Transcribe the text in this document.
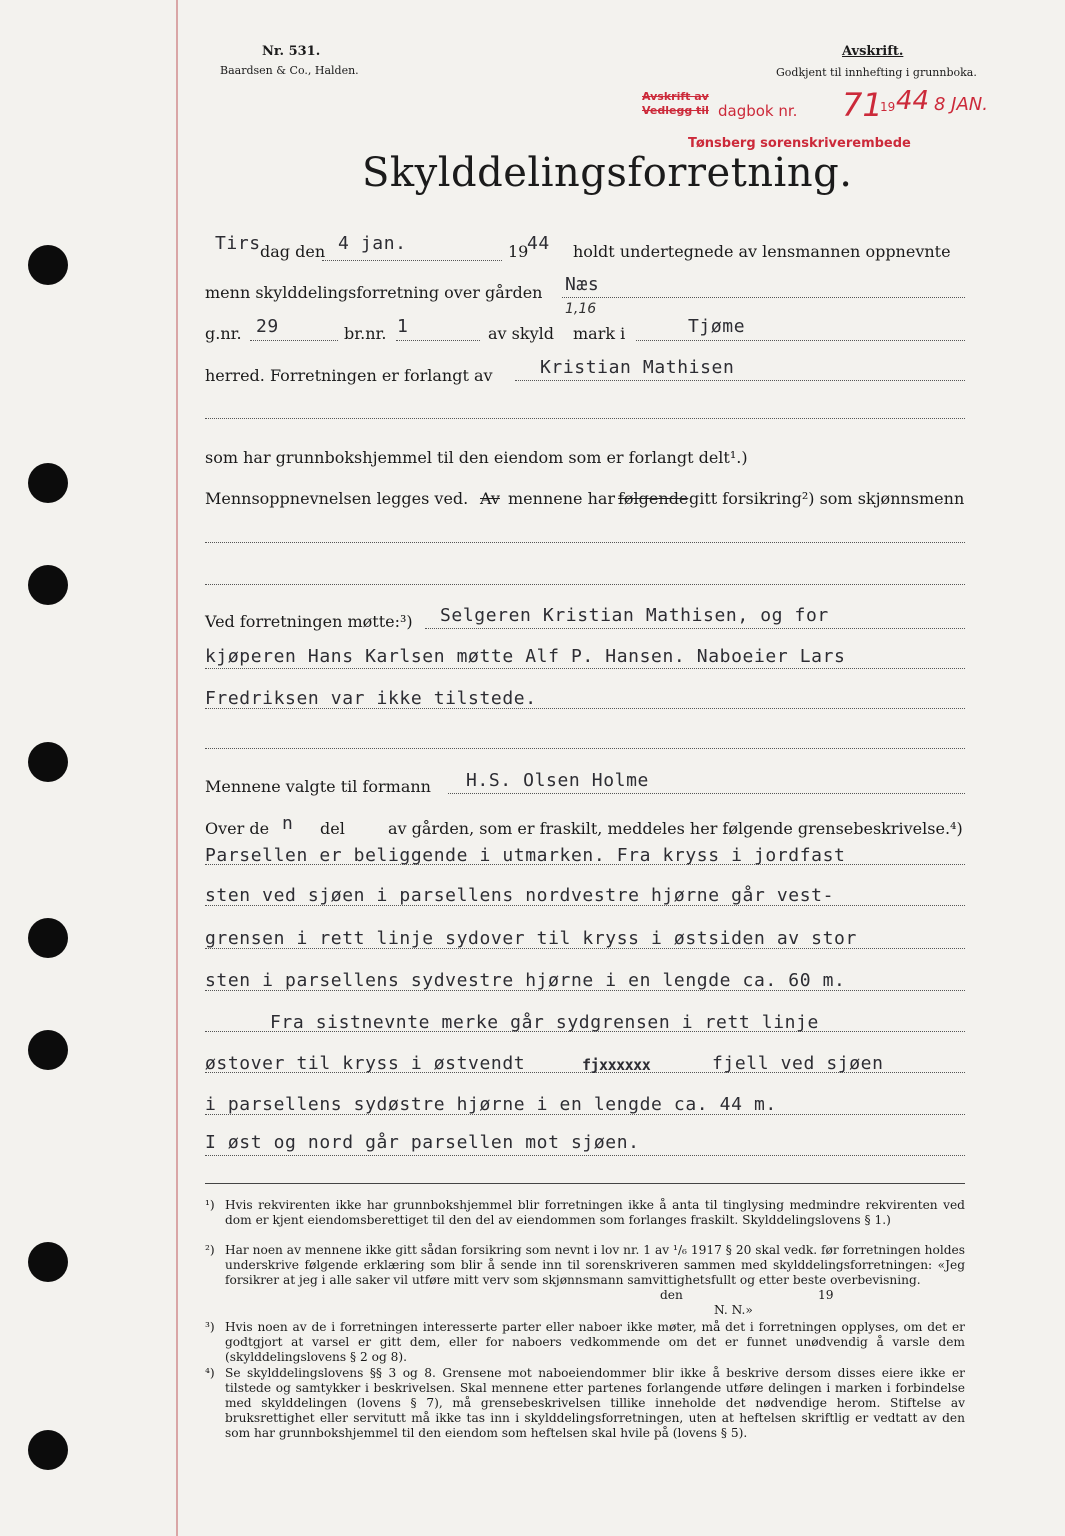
Nr. 531.
Baardsen & Co., Halden.
Avskrift.
Godkjent til innhefting i grunnboka.
Avskrift av
Vedlegg til dagbok nr. 71
19 44 8 JAN.
Tønsberg sorenskriverembede
Skylddelingsforretning.
Tirs dag den 4 jan.	19
44 holdt undertegnede av lensmannen oppnevnte
menn skylddelingsforretning over gården Næs
1,16
g.nr. 29	br.nr. 1	av skyld mark i	Tjøme
herred. Forretningen er forlangt av	Kristian Mathisen
som har grunnbokshjemmel til den eiendom som er forlangt delt¹.)
Mennsoppnevnelsen legges ved. Av mennene har følgende gitt forsikring²) som skjønnsmenn
Ved forretningen møtte:³) Selgeren Kristian Mathisen, og for
kjøperen Hans Karlsen møtte Alf P. Hansen. Naboeier Lars
Fredriksen var ikke tilstede.
Mennene valgte til formann H.S. Olsen Holme
Over de n del	av gården, som er fraskilt, meddeles her følgende grensebeskrivelse.⁴)
Parsellen er beliggende i utmarken. Fra kryss i jordfast
sten ved sjøen i parsellens nordvestre hjørne går vest-
grensen i rett linje sydover til kryss i østsiden av stor
sten i parsellens sydvestre hjørne i en lengde ca. 60 m.
Fra sistnevnte merke går sydgrensen i rett linje
østover til kryss i østvendt	fjxxxxxx	fjell ved sjøen
i parsellens sydøstre hjørne i en lengde ca. 44 m.
I øst og nord går parsellen mot sjøen.
¹) Hvis rekvirenten ikke har grunnbokshjemmel blir forretningen ikke å anta til tinglysing medmindre rekvirenten ved dom er kjent eiendomsberettiget til den del av eiendommen som forlanges fraskilt. Skylddelingslovens § 1.)
²) Har noen av mennene ikke gitt sådan forsikring som nevnt i lov nr. 1 av ¹/₆ 1917 § 20 skal vedk. før forretningen holdes underskrive følgende erklæring som blir å sende inn til sorenskriveren sammen med skylddelingsforretningen: «Jeg forsikrer at jeg i alle saker vil utføre mitt verv som skjønnsmann samvittighetsfullt og etter beste overbevisning.
den	19
N. N.»
³) Hvis noen av de i forretningen interesserte parter eller naboer ikke møter, må det i forretningen opplyses, om det er godtgjort at varsel er gitt dem, eller for naboers vedkommende om det er funnet unødvendig å varsle dem (skylddelingslovens § 2 og 8).
⁴) Se skylddelingslovens §§ 3 og 8. Grensene mot naboeiendommer blir ikke å beskrive dersom disses eiere ikke er tilstede og samtykker i beskrivelsen. Skal mennene etter partenes forlangende utføre delingen i marken i forbindelse med skylddelingen (lovens § 7), må grensebeskrivelsen tillike inneholde det nødvendige herom. Stiftelse av bruksrettighet eller servitutt må ikke tas inn i skylddelingsforretningen, uten at heftelsen skriftlig er vedtatt av den som har grunnbokshjemmel til den eiendom som heftelsen skal hvile på (lovens § 5).
